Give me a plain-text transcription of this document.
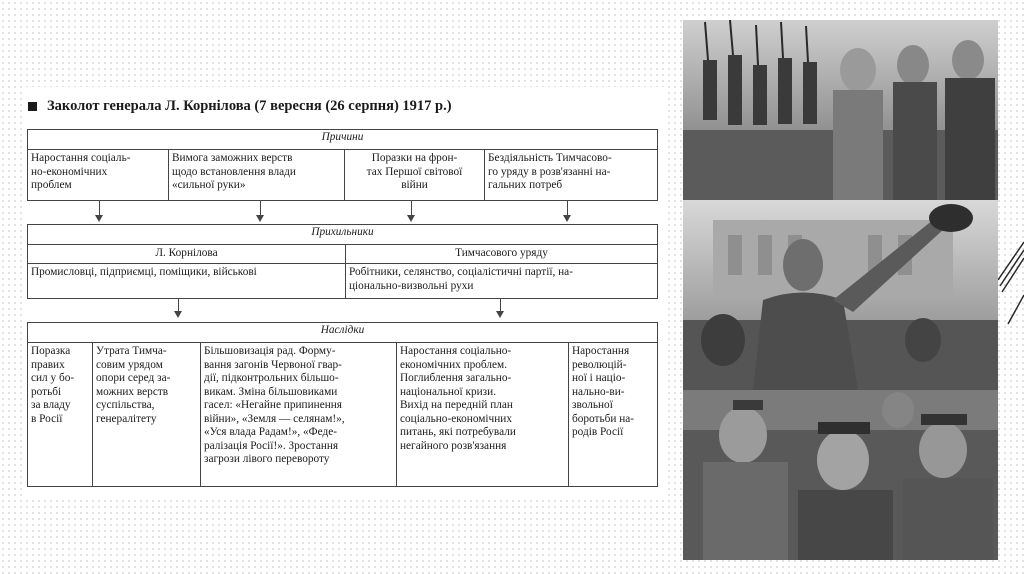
Заколот генерала Л. Корнілова (7 вересня (26 серпня) 1917 р.)
Причини
Наростання соціаль-
но-економічних
проблем
Вимога заможних верств
щодо встановлення влади
«сильної руки»
Поразки на фрон-
тах Першої світової
війни
Бездіяльність Тимчасово-
го уряду в розв'язанні на-
гальних потреб
Прихильники
Л. Корнілова	Тимчасового уряду
Промисловці, підприємці, поміщики, військові	Робітники, селянство, соціалістичні партії, на-
ціонально-визвольні рухи
Наслідки
Поразка
правих
сил у бо-
ротьбі
за владу
в Росії
Утрата Тимча-
совим урядом
опори серед за-
можних верств
суспільства,
генералітету
Більшовизація рад. Форму-
вання загонів Червоної гвар-
дії, підконтрольних більшо-
викам. Зміна більшовиками
гасел: «Негайне припинення
війни», «Земля — селянам!»,
«Уся влада Радам!», «Феде-
ралізація Росії!». Зростання
загрози лівого перевороту
Наростання соціально-
економічних проблем.
Поглиблення загально-
національної кризи.
Вихід на передній план
соціально-економічних
питань, які потребували
негайного розв'язання
Наростання
революцій-
ної і націо-
нально-ви-
звольної
боротьби на-
родів Росії
